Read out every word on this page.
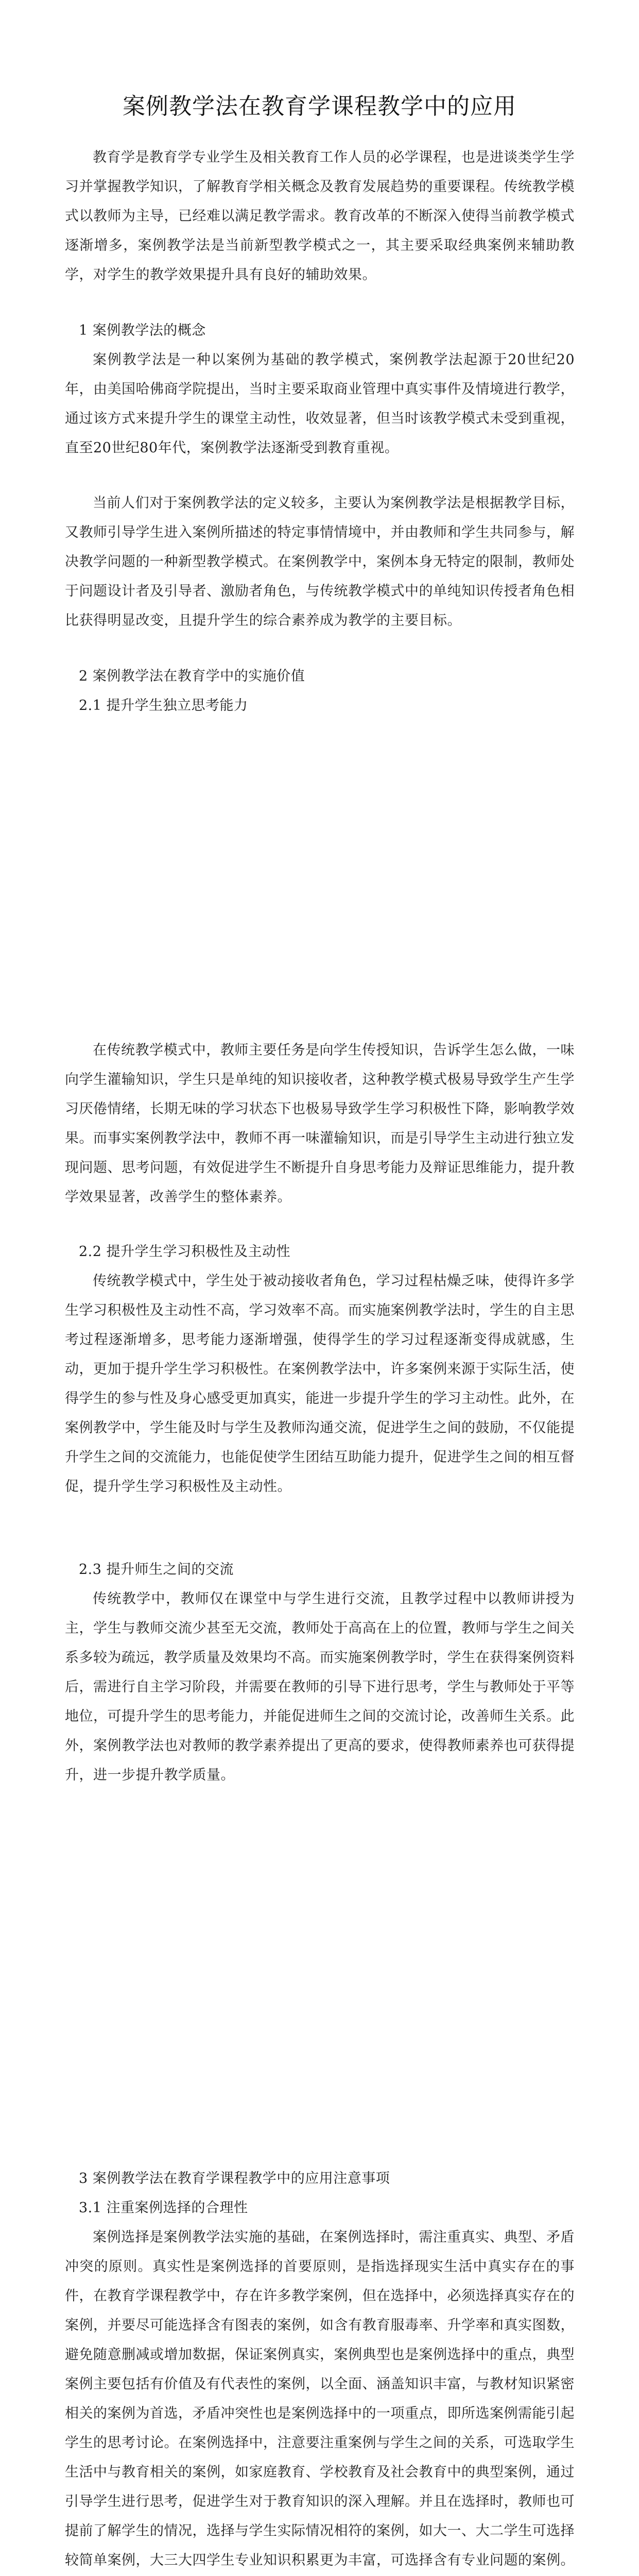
案例教学法在教育学课程教学中的应用

教育学是教育学专业学生及相关教育工作人员的必学课程，也是进谈类学生学习并掌握教学知识，了解教育学相关概念及教育发展趋势的重要课程。传统教学模式以教师为主导，已经难以满足教学需求。教育改革的不断深入使得当前教学模式逐渐增多，案例教学法是当前新型教学模式之一，其主要采取经典案例来辅助教学，对学生的教学效果提升具有良好的辅助效果。

1 案例教学法的概念

案例教学法是一种以案例为基础的教学模式，案例教学法起源于20世纪20年，由美国哈佛商学院提出，当时主要采取商业管理中真实事件及情境进行教学，通过该方式来提升学生的课堂主动性，收效显著，但当时该教学模式未受到重视，直至20世纪80年代，案例教学法逐渐受到教育重视。

当前人们对于案例教学法的定义较多，主要认为案例教学法是根据教学目标，又教师引导学生进入案例所描述的特定事情情境中，并由教师和学生共同参与，解决教学问题的一种新型教学模式。在案例教学中，案例本身无特定的限制，教师处于问题设计者及引导者、激励者角色，与传统教学模式中的单纯知识传授者角色相比获得明显改变，且提升学生的综合素养成为教学的主要目标。

2 案例教学法在教育学中的实施价值

2.1 提升学生独立思考能力

在传统教学模式中，教师主要任务是向学生传授知识，告诉学生怎么做，一味向学生灌输知识，学生只是单纯的知识接收者，这种教学模式极易导致学生产生学习厌倦情绪，长期无味的学习状态下也极易导致学生学习积极性下降，影响教学效果。而事实案例教学法中，教师不再一味灌输知识，而是引导学生主动进行独立发现问题、思考问题，有效促进学生不断提升自身思考能力及辩证思维能力，提升教学效果显著，改善学生的整体素养。

2.2 提升学生学习积极性及主动性

传统教学模式中，学生处于被动接收者角色，学习过程枯燥乏味，使得许多学生学习积极性及主动性不高，学习效率不高。而实施案例教学法时，学生的自主思考过程逐渐增多，思考能力逐渐增强，使得学生的学习过程逐渐变得成就感，生动，更加于提升学生学习积极性。在案例教学法中，许多案例来源于实际生活，使得学生的参与性及身心感受更加真实，能进一步提升学生的学习主动性。此外，在案例教学中，学生能及时与学生及教师沟通交流，促进学生之间的鼓励，不仅能提升学生之间的交流能力，也能促使学生团结互助能力提升，促进学生之间的相互督促，提升学生学习积极性及主动性。

2.3 提升师生之间的交流

传统教学中，教师仅在课堂中与学生进行交流，且教学过程中以教师讲授为主，学生与教师交流少甚至无交流，教师处于高高在上的位置，教师与学生之间关系多较为疏远，教学质量及效果均不高。而实施案例教学时，学生在获得案例资料后，需进行自主学习阶段，并需要在教师的引导下进行思考，学生与教师处于平等地位，可提升学生的思考能力，并能促进师生之间的交流讨论，改善师生关系。此外，案例教学法也对教师的教学素养提出了更高的要求，使得教师素养也可获得提升，进一步提升教学质量。

3 案例教学法在教育学课程教学中的应用注意事项

3.1 注重案例选择的合理性

案例选择是案例教学法实施的基础，在案例选择时，需注重真实、典型、矛盾冲突的原则。真实性是案例选择的首要原则，是指选择现实生活中真实存在的事件，在教育学课程教学中，存在许多教学案例，但在选择中，必须选择真实存在的案例，并要尽可能选择含有图表的案例，如含有教育服毒率、升学率和真实图数，避免随意删减或增加数据，保证案例真实，案例典型也是案例选择中的重点，典型案例主要包括有价值及有代表性的案例，以全面、涵盖知识丰富，与教材知识紧密相关的案例为首选，矛盾冲突性也是案例选择中的一项重点，即所选案例需能引起学生的思考讨论。在案例选择中，注意要注重案例与学生之间的关系，可选取学生生活中与教育相关的案例，如家庭教育、学校教育及社会教育中的典型案例，通过引导学生进行思考，促进学生对于教育知识的深入理解。并且在选择时，教师也可提前了解学生的情况，选择与学生实际情况相符的案例，如大一、大二学生可选择较简单案例，大三大四学生专业知识积累更为丰富，可选择含有专业问题的案例。
